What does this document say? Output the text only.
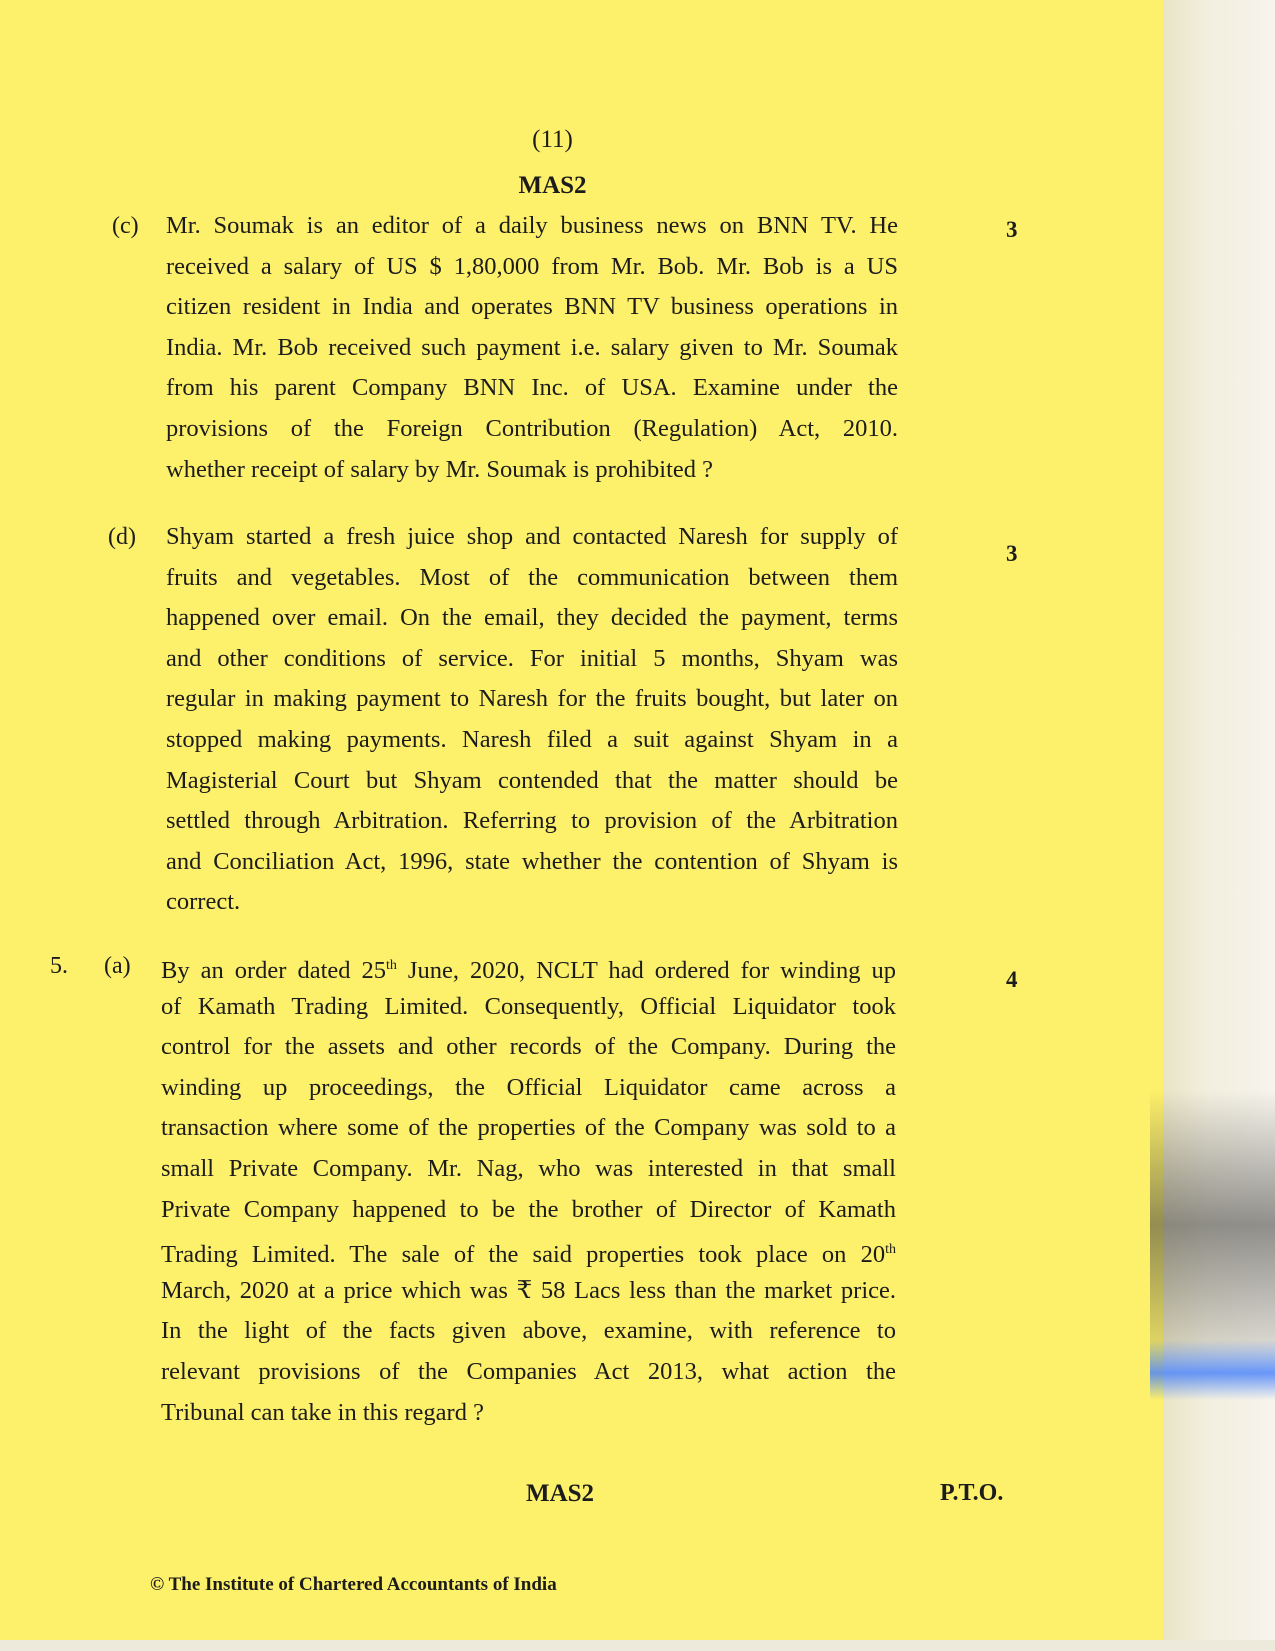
(11)
MAS2
(c)	3
Mr. Soumak is an editor of a daily business news on BNN TV. He
received a salary of US $ 1,80,000 from Mr. Bob. Mr. Bob is a US
citizen resident in India and operates BNN TV business operations in
India. Mr. Bob received such payment i.e. salary given to Mr. Soumak
from his parent Company BNN Inc. of USA. Examine under the
provisions of the Foreign Contribution (Regulation) Act, 2010.
whether receipt of salary by Mr. Soumak is prohibited ?
(d)
3
Shyam started a fresh juice shop and contacted Naresh for supply of
fruits and vegetables. Most of the communication between them
happened over email. On the email, they decided the payment, terms
and other conditions of service. For initial 5 months, Shyam was
regular in making payment to Naresh for the fruits bought, but later on
stopped making payments. Naresh filed a suit against Shyam in a
Magisterial Court but Shyam contended that the matter should be
settled through Arbitration. Referring to provision of the Arbitration
and Conciliation Act, 1996, state whether the contention of Shyam is
correct.
5. (a)
4
By an order dated 25th June, 2020, NCLT had ordered for winding up
of Kamath Trading Limited. Consequently, Official Liquidator took
control for the assets and other records of the Company. During the
winding up proceedings, the Official Liquidator came across a
transaction where some of the properties of the Company was sold to a
small Private Company. Mr. Nag, who was interested in that small
Private Company happened to be the brother of Director of Kamath
Trading Limited. The sale of the said properties took place on 20th
March, 2020 at a price which was ₹ 58 Lacs less than the market price.
In the light of the facts given above, examine, with reference to
relevant provisions of the Companies Act 2013, what action the
Tribunal can take in this regard ?
MAS2	P.T.O.
© The Institute of Chartered Accountants of India
